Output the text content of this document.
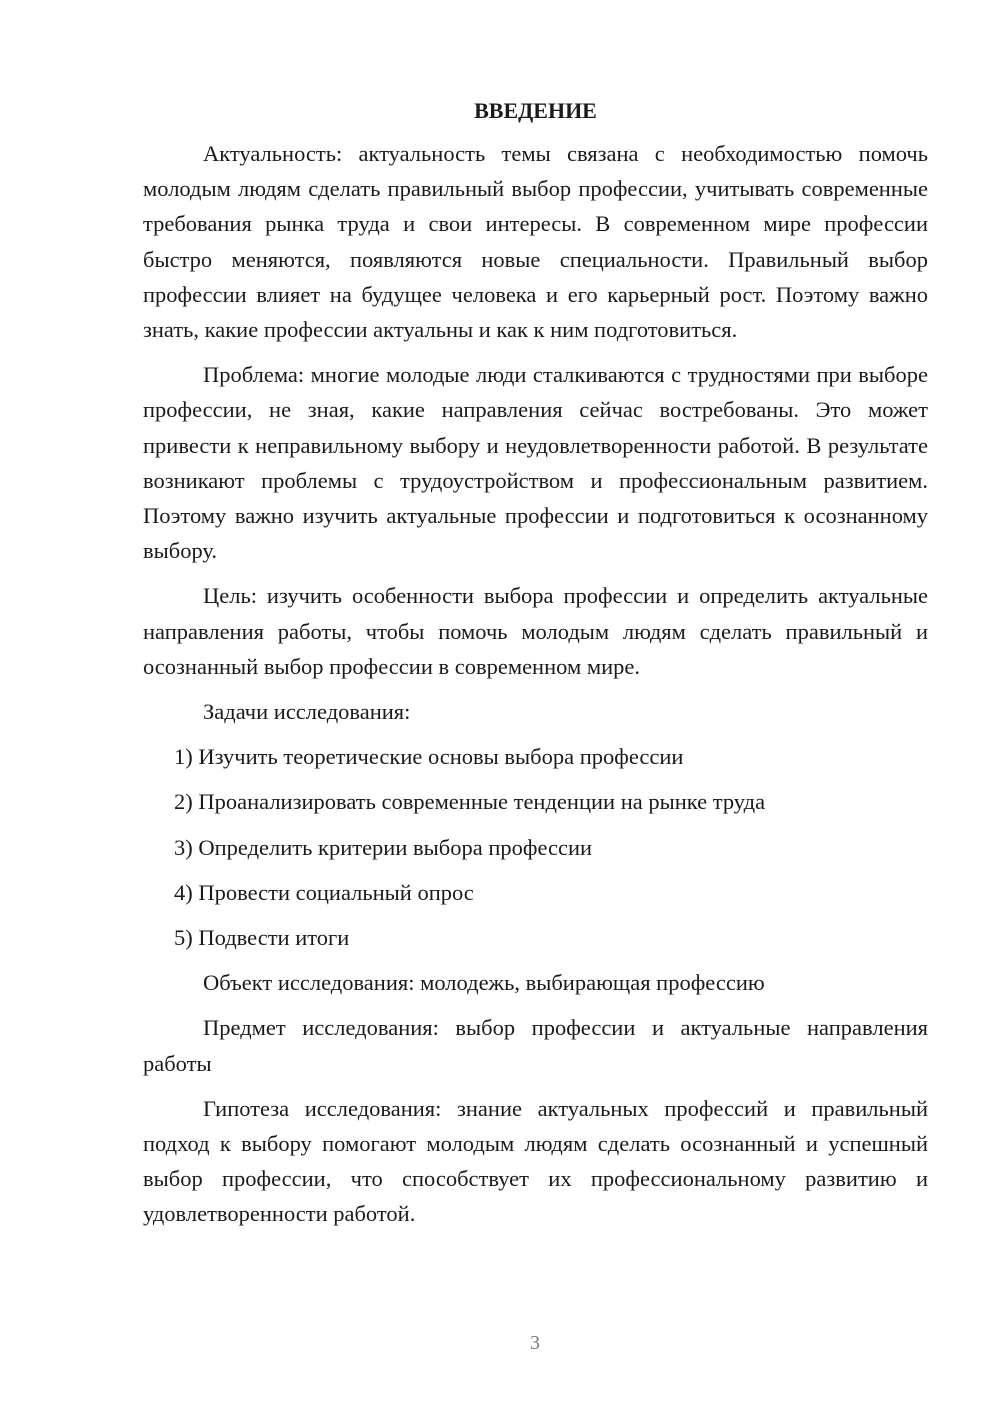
ВВЕДЕНИЕ

Актуальность: актуальность темы связана с необходимостью помочь молодым людям сделать правильный выбор профессии, учитывать современные требования рынка труда и свои интересы. В современном мире профессии быстро меняются, появляются новые специальности. Правильный выбор профессии влияет на будущее человека и его карьерный рост. Поэтому важно знать, какие профессии актуальны и как к ним подготовиться.

Проблема: многие молодые люди сталкиваются с трудностями при выборе профессии, не зная, какие направления сейчас востребованы. Это может привести к неправильному выбору и неудовлетворенности работой. В результате возникают проблемы с трудоустройством и профессиональным развитием. Поэтому важно изучить актуальные профессии и подготовиться к осознанному выбору.

Цель: изучить особенности выбора профессии и определить актуальные направления работы, чтобы помочь молодым людям сделать правильный и осознанный выбор профессии в современном мире.

Задачи исследования:

1) Изучить теоретические основы выбора профессии
2) Проанализировать современные тенденции на рынке труда
3) Определить критерии выбора профессии
4) Провести социальный опрос
5) Подвести итоги

Объект исследования: молодежь, выбирающая профессию

Предмет исследования: выбор профессии и актуальные направления работы

Гипотеза исследования: знание актуальных профессий и правильный подход к выбору помогают молодым людям сделать осознанный и успешный выбор профессии, что способствует их профессиональному развитию и удовлетворенности работой.

3
